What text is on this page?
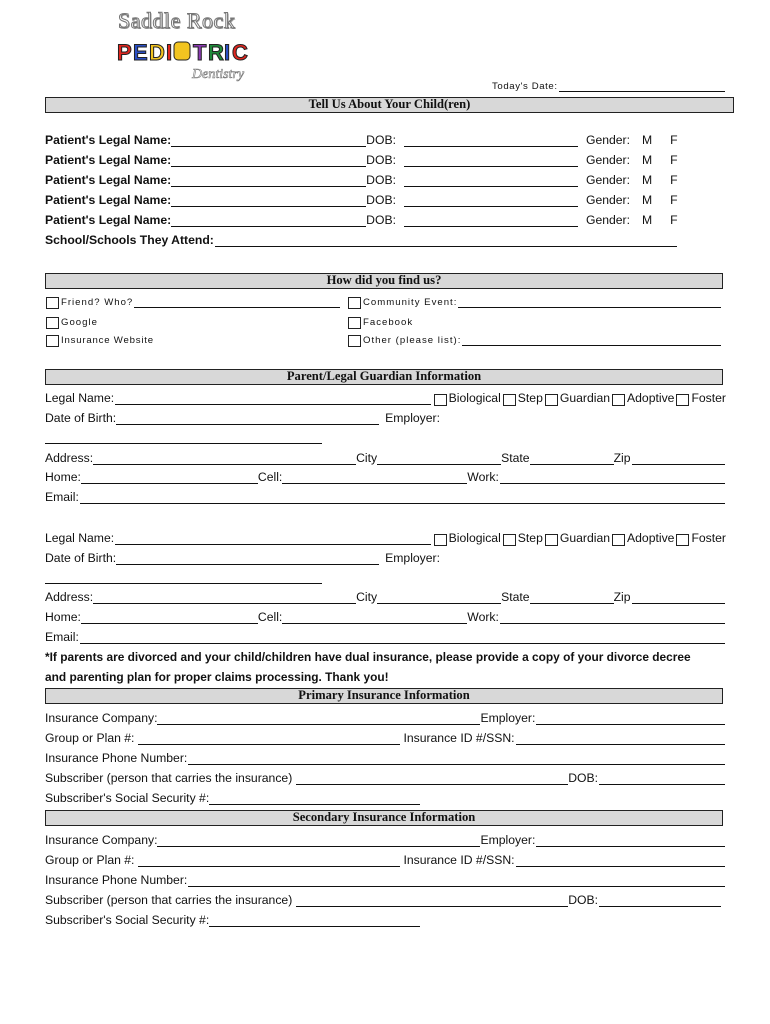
Saddle Rock
P E D I T R I C
Dentistry
Today's Date:
Tell Us About Your Child(ren)
Patient's Legal Name:	DOB:	Gender: M F
Patient's Legal Name:	DOB:	Gender: M F
Patient's Legal Name:	DOB:	Gender: M F
Patient's Legal Name:	DOB:	Gender: M F
Patient's Legal Name:	DOB:	Gender: M F
School/Schools They Attend:
How did you find us?
Friend? Who?	Community Event:
Google	Facebook
Insurance Website	Other (please list):
Parent/Legal Guardian Information
Legal Name:	Biological Step Guardian Adoptive Foster
Date of Birth:	Employer:
Address:	City	State	Zip
Home:	Cell:	Work:
Email:
Legal Name:	Biological Step Guardian Adoptive Foster
Date of Birth:	Employer:
Address:	City	State	Zip
Home:	Cell:	Work:
Email:
*If parents are divorced and your child/children have dual insurance, please provide a copy of your divorce decree
and parenting plan for proper claims processing. Thank you!
Primary Insurance Information
Insurance Company:	Employer:
Group or Plan #:	Insurance ID #/SSN:
Insurance Phone Number:
Subscriber (person that carries the insurance)	DOB:
Subscriber's Social Security #:
Secondary Insurance Information
Insurance Company:	Employer:
Group or Plan #:	Insurance ID #/SSN:
Insurance Phone Number:
Subscriber (person that carries the insurance)	DOB:
Subscriber's Social Security #:
